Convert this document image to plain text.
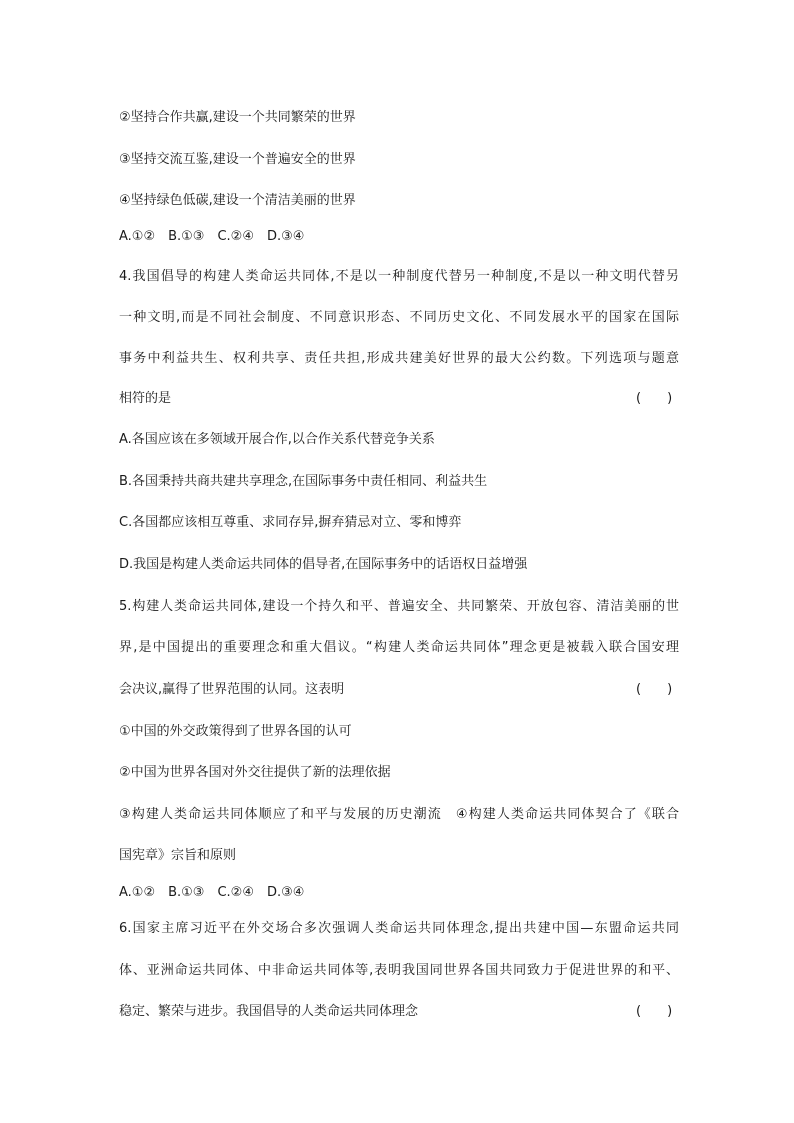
②坚持合作共赢,建设一个共同繁荣的世界
③坚持交流互鉴,建设一个普遍安全的世界
④坚持绿色低碳,建设一个清洁美丽的世界
A.①②　B.①③　C.②④　D.③④
4.我国倡导的构建人类命运共同体,不是以一种制度代替另一种制度,不是以一种文明代替另
一种文明,而是不同社会制度、不同意识形态、不同历史文化、不同发展水平的国家在国际
事务中利益共生、权利共享、责任共担,形成共建美好世界的最大公约数。下列选项与题意
相符的是	(　　)
A.各国应该在多领域开展合作,以合作关系代替竞争关系
B.各国秉持共商共建共享理念,在国际事务中责任相同、利益共生
C.各国都应该相互尊重、求同存异,摒弃猜忌对立、零和博弈
D.我国是构建人类命运共同体的倡导者,在国际事务中的话语权日益增强
5.构建人类命运共同体,建设一个持久和平、普遍安全、共同繁荣、开放包容、清洁美丽的世
界,是中国提出的重要理念和重大倡议。“构建人类命运共同体”理念更是被载入联合国安理
会决议,赢得了世界范围的认同。这表明	(　　)
①中国的外交政策得到了世界各国的认可
②中国为世界各国对外交往提供了新的法理依据
③构建人类命运共同体顺应了和平与发展的历史潮流　④构建人类命运共同体契合了《联合
国宪章》宗旨和原则
A.①②　B.①③　C.②④　D.③④
6.国家主席习近平在外交场合多次强调人类命运共同体理念,提出共建中国—东盟命运共同
体、亚洲命运共同体、中非命运共同体等,表明我国同世界各国共同致力于促进世界的和平、
稳定、繁荣与进步。我国倡导的人类命运共同体理念	(　　)
